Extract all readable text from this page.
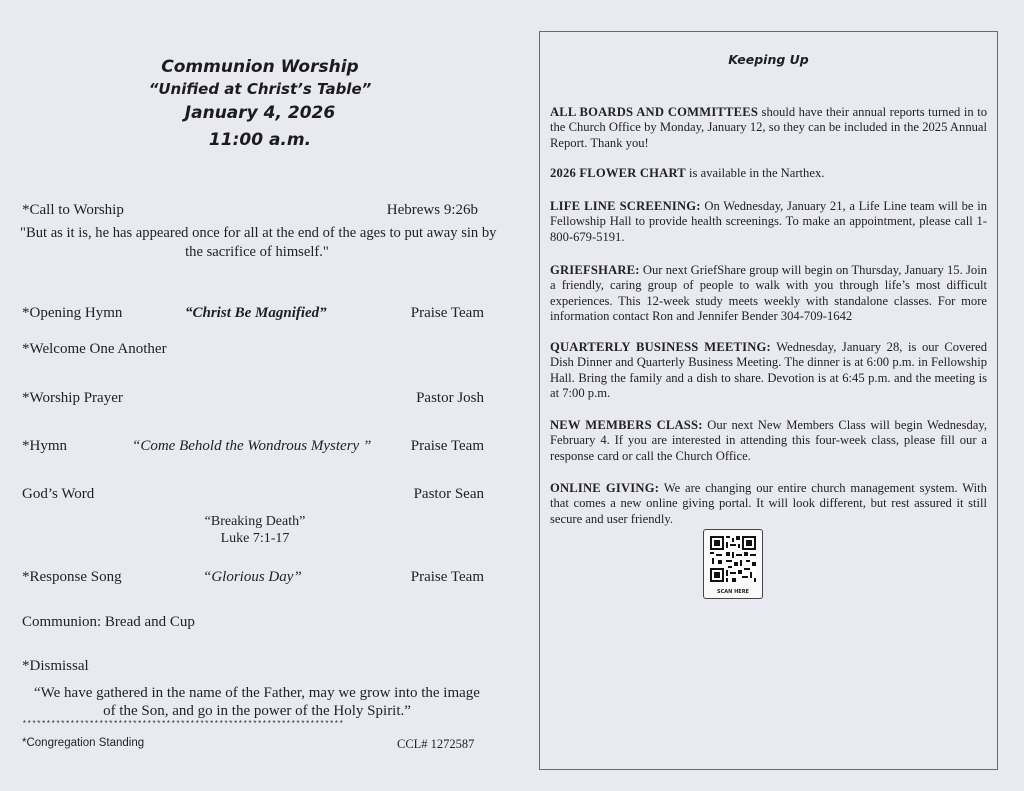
Communion Worship
“Unified at Christ’s Table”
January 4, 2026
11:00 a.m.
*Call to Worship	Hebrews 9:26b
"But as it is, he has appeared once for all at the end of the ages to put away sin by
the sacrifice of himself."
*Opening Hymn	“Christ Be Magnified”	Praise Team
*Welcome One Another
*Worship Prayer	Pastor Josh
*Hymn	“Come Behold the Wondrous Mystery ”	Praise Team
God’s Word	Pastor Sean
“Breaking Death”
Luke 7:1-17
*Response Song	“Glorious Day”	Praise Team
Communion: Bread and Cup
*Dismissal
“We have gathered in the name of the Father, may we grow into the image
of the Son, and go in the power of the Holy Spirit.”
*******************************************************************
*Congregation Standing	CCL# 1272587
Keeping Up
ALL BOARDS AND COMMITTEES should have their annual reports turned in to the Church Office by Monday, January 12, so they can be included in the 2025 Annual Report. Thank you!
2026 FLOWER CHART is available in the Narthex.
LIFE LINE SCREENING: On Wednesday, January 21, a Life Line team will be in Fellowship Hall to provide health screenings. To make an appointment, please call 1-800-679-5191.
GRIEFSHARE: Our next GriefShare group will begin on Thursday, January 15. Join a friendly, caring group of people to walk with you through life’s most difficult experiences. This 12-week study meets weekly with standalone classes. For more information contact Ron and Jennifer Bender 304-709-1642
QUARTERLY BUSINESS MEETING: Wednesday, January 28, is our Covered Dish Dinner and Quarterly Business Meeting. The dinner is at 6:00 p.m. in Fellowship Hall. Bring the family and a dish to share. Devotion is at 6:45 p.m. and the meeting is at 7:00 p.m.
NEW MEMBERS CLASS: Our next New Members Class will begin Wednesday, February 4. If you are interested in attending this four-week class, please fill our a response card or call the Church Office.
ONLINE GIVING: We are changing our entire church management system. With that comes a new online giving portal. It will look different, but rest assured it still secure and user friendly.
SCAN HERE
